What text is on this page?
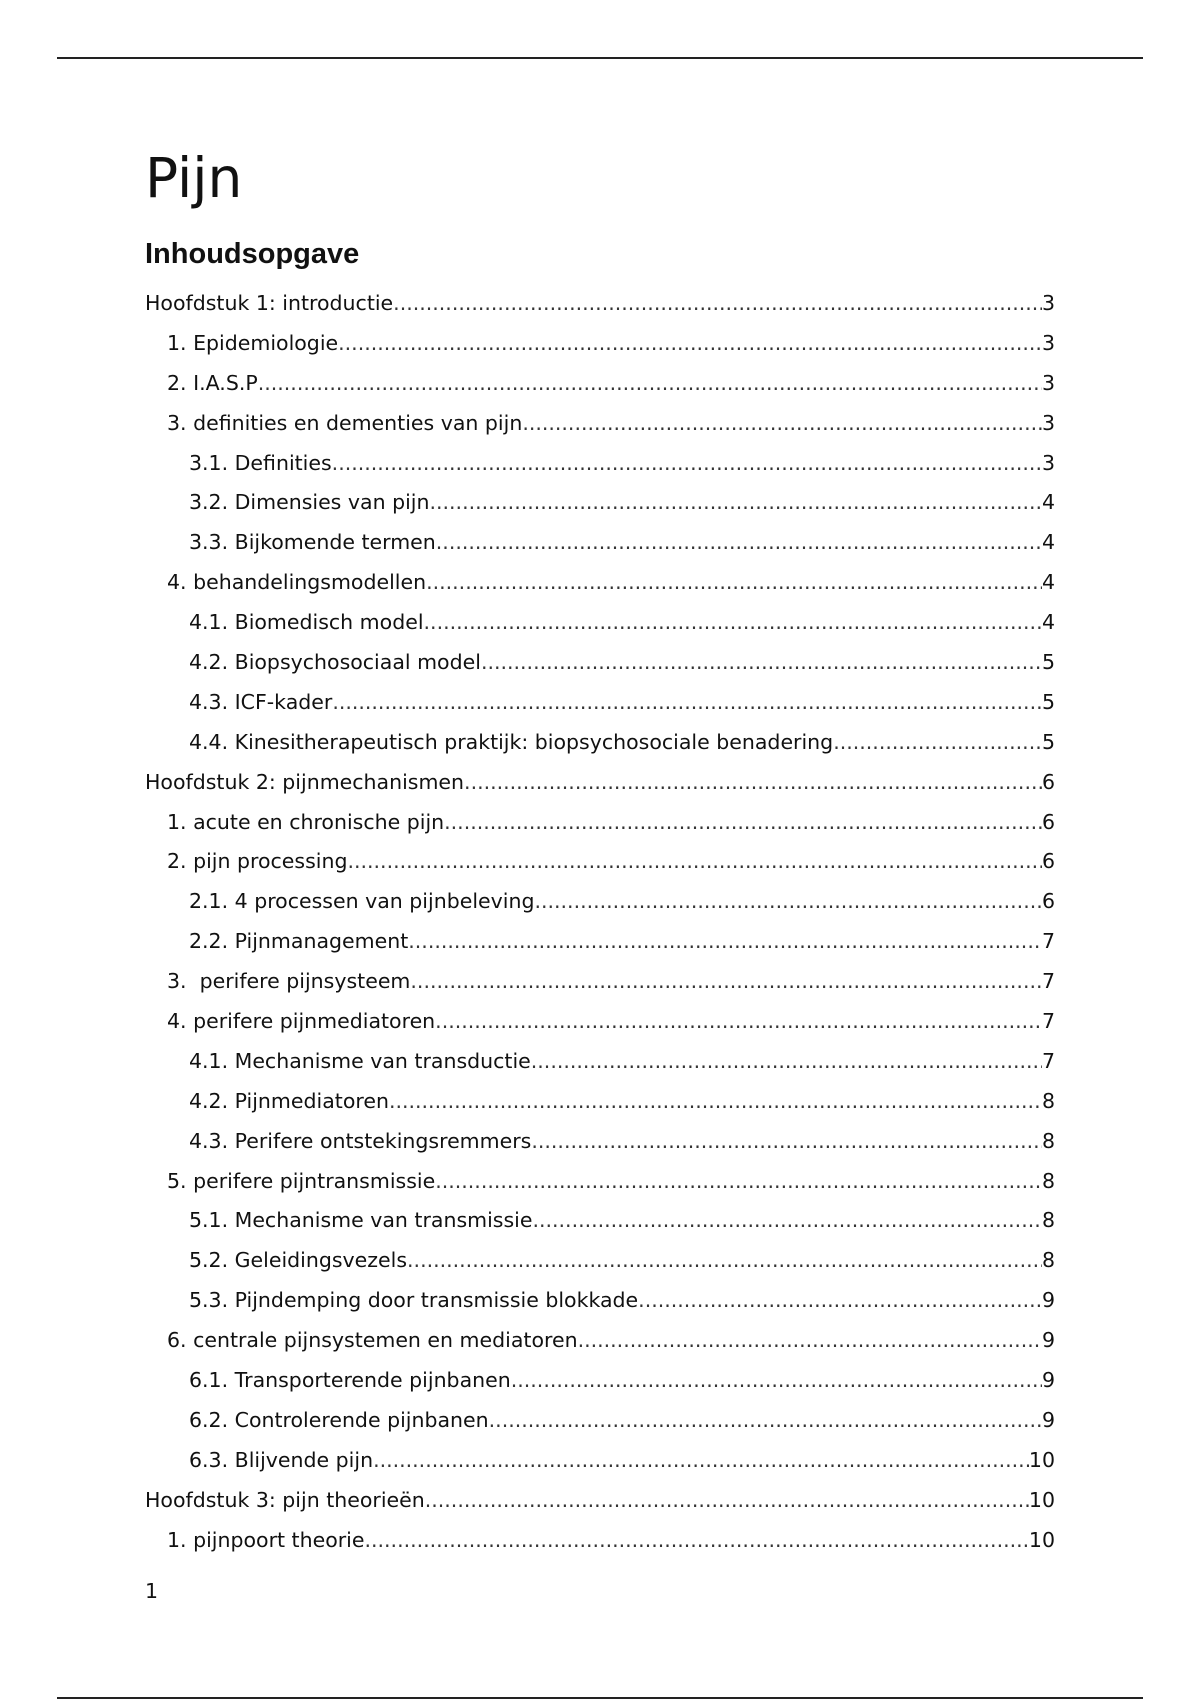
Pijn
Inhoudsopgave
Hoofdstuk 1: introductie .....	3
1. Epidemiologie .....	3
2. I.A.S.P .....	3
3. definities en dementies van pijn .....	3
3.1. Definities .....	3
3.2. Dimensies van pijn .....	4
3.3. Bijkomende termen .....	4
4. behandelingsmodellen .....	4
4.1. Biomedisch model .....	4
4.2. Biopsychosociaal model .....	5
4.3. ICF-kader .....	5
4.4. Kinesitherapeutisch praktijk: biopsychosociale benadering .....	5
Hoofdstuk 2: pijnmechanismen .....	6
1. acute en chronische pijn .....	6
2. pijn processing .....	6
2.1. 4 processen van pijnbeleving .....	6
2.2. Pijnmanagement .....	7
3.  perifere pijnsysteem .....	7
4. perifere pijnmediatoren .....	7
4.1. Mechanisme van transductie .....	7
4.2. Pijnmediatoren .....	8
4.3. Perifere ontstekingsremmers .....	8
5. perifere pijntransmissie .....	8
5.1. Mechanisme van transmissie .....	8
5.2. Geleidingsvezels .....	8
5.3. Pijndemping door transmissie blokkade .....	9
6. centrale pijnsystemen en mediatoren .....	9
6.1. Transporterende pijnbanen .....	9
6.2. Controlerende pijnbanen .....	9
6.3. Blijvende pijn .....	10
Hoofdstuk 3: pijn theorieën .....	10
1. pijnpoort theorie .....	10
1
